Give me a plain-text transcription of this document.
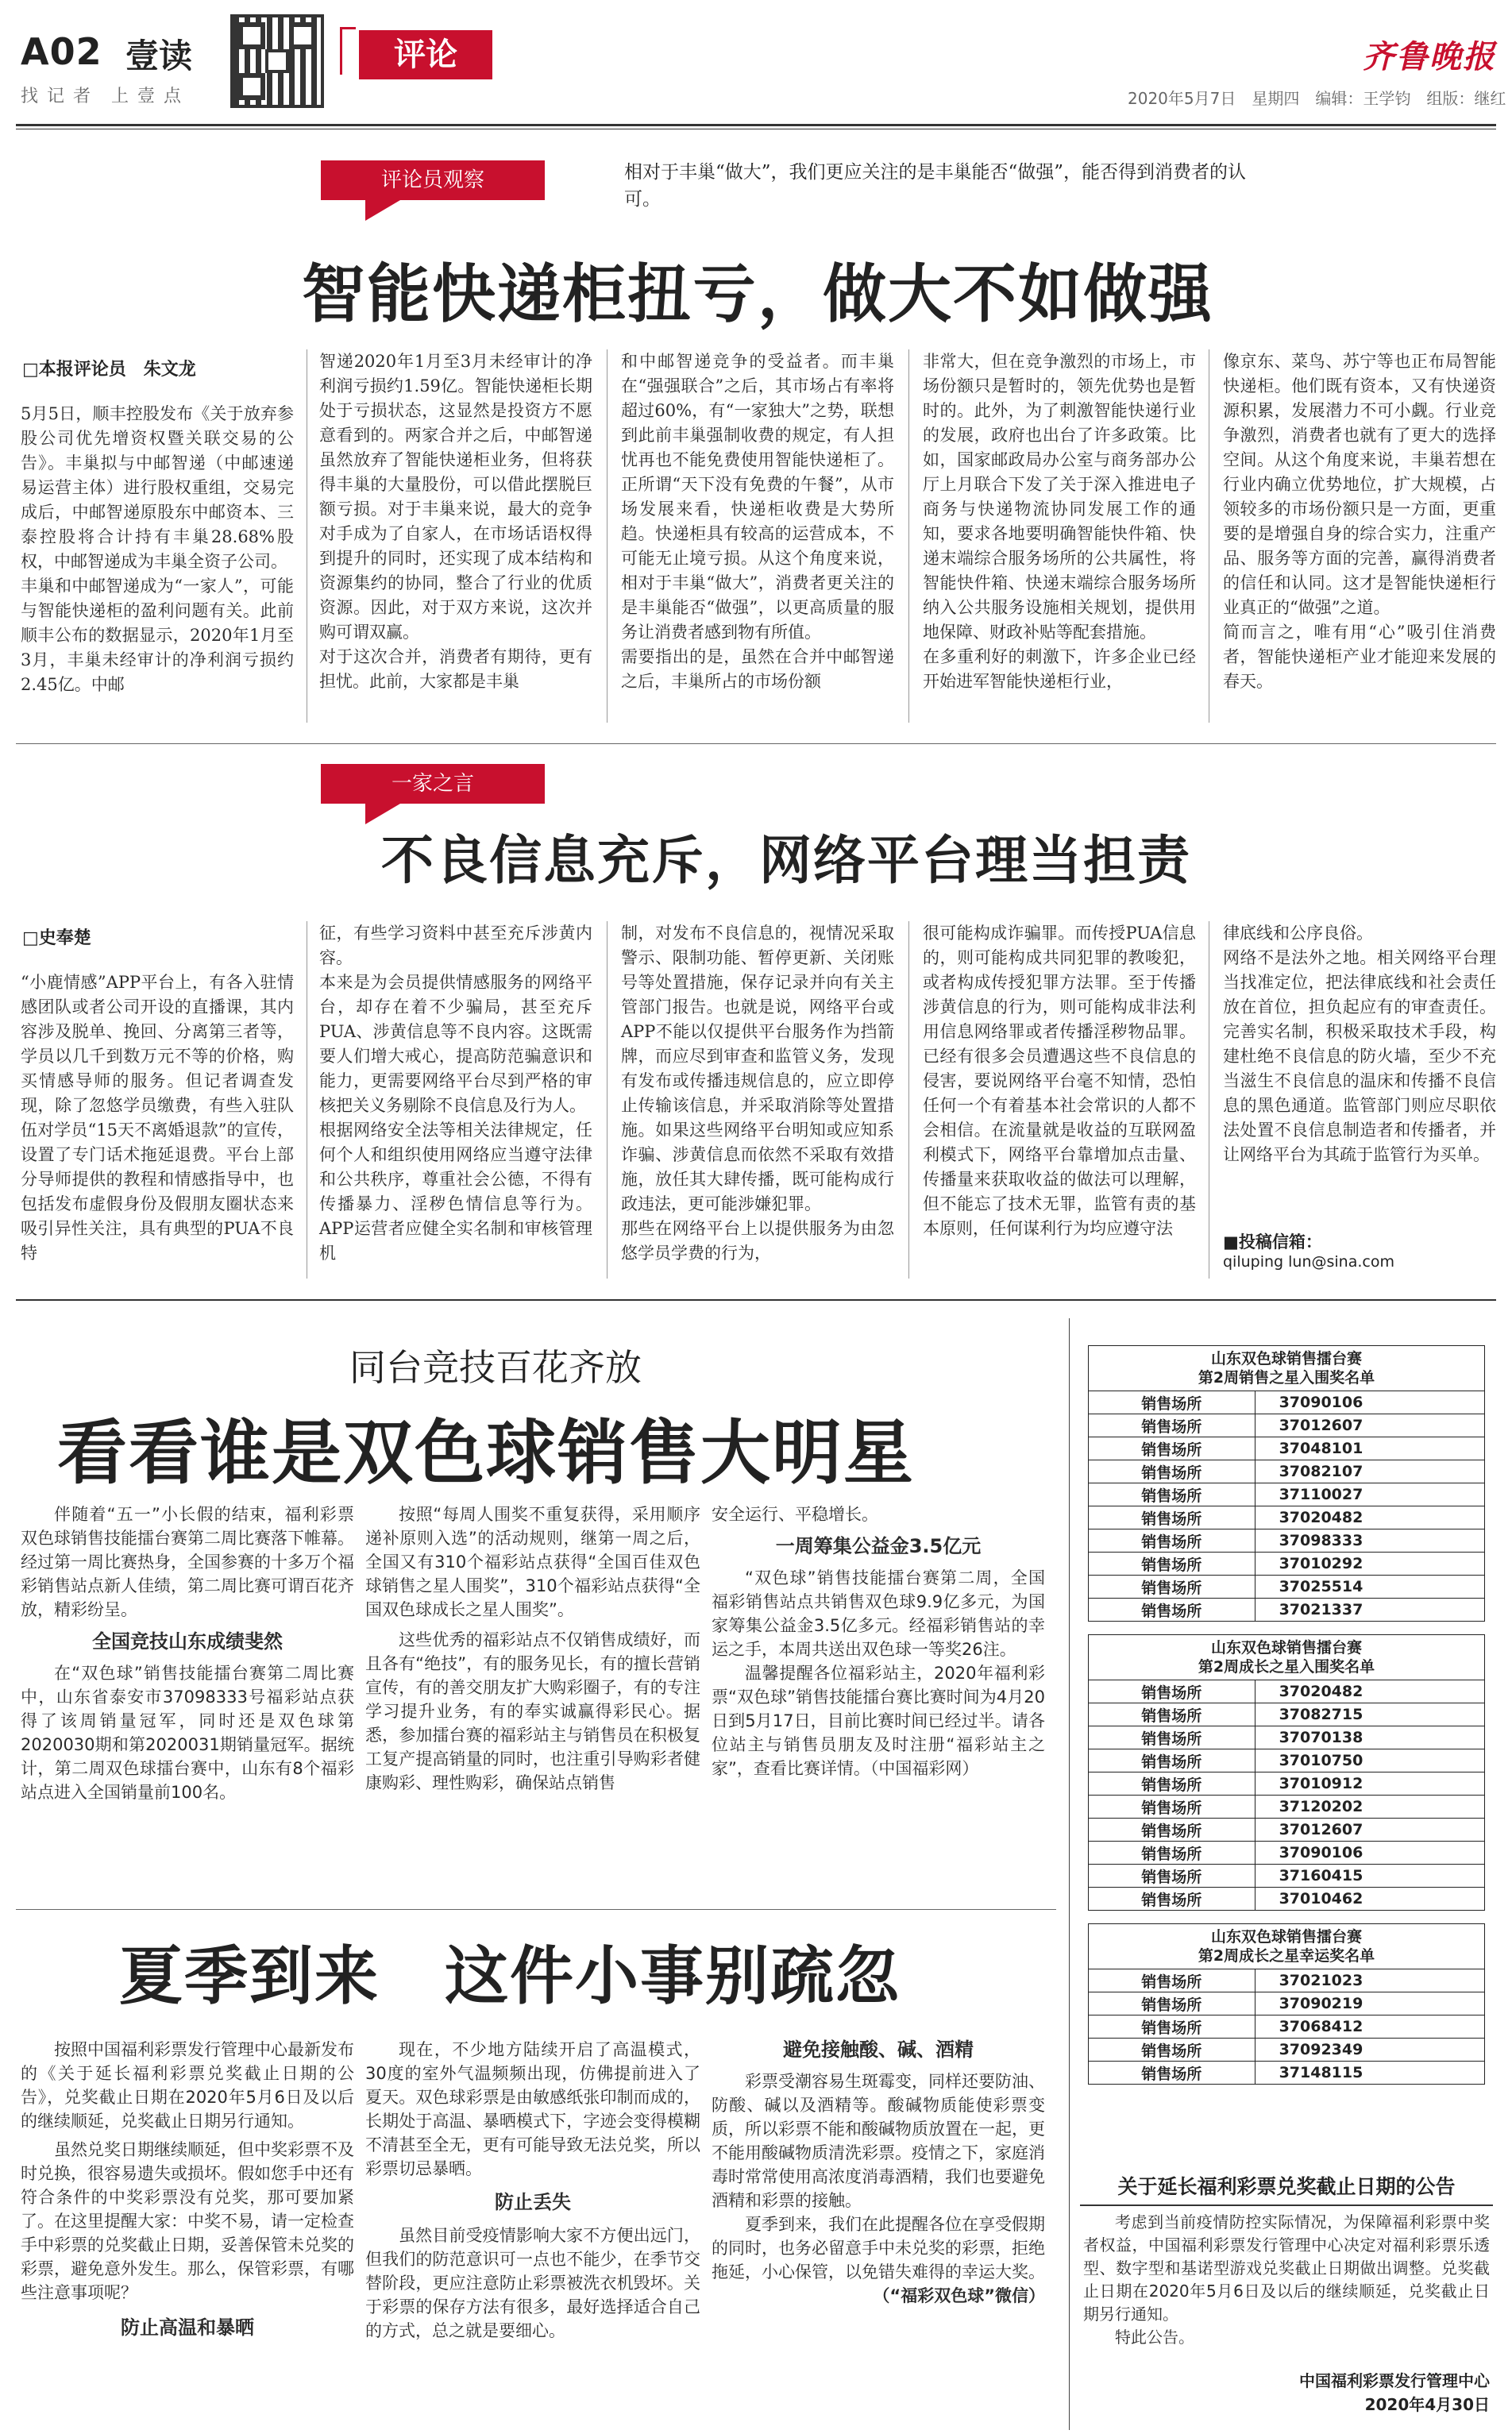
A02 壹读
找 记 者　上 壹 点
评论	齐鲁晚报
2020年5月7日　星期四　编辑：王学钧　组版：继红
评论员观察	相对于丰巢“做大”，我们更应关注的是丰巢能否“做强”，能否得到消费者的认可。
智能快递柜扭亏，做大不如做强
□本报评论员　朱文龙
5月5日，顺丰控股发布《关于放弃参股公司优先增资权暨关联交易的公告》。丰巢拟与中邮智递（中邮速递易运营主体）进行股权重组，交易完成后，中邮智递原股东中邮资本、三泰控股将合计持有丰巢28.68%股权，中邮智递成为丰巢全资子公司。
丰巢和中邮智递成为“一家人”，可能与智能快递柜的盈利问题有关。此前顺丰公布的数据显示，2020年1月至3月，丰巢未经审计的净利润亏损约2.45亿。中邮
智递2020年1月至3月未经审计的净利润亏损约1.59亿。智能快递柜长期处于亏损状态，这显然是投资方不愿意看到的。两家合并之后，中邮智递虽然放弃了智能快递柜业务，但将获得丰巢的大量股份，可以借此摆脱巨额亏损。对于丰巢来说，最大的竞争对手成为了自家人，在市场话语权得到提升的同时，还实现了成本结构和资源集约的协同，整合了行业的优质资源。因此，对于双方来说，这次并购可谓双赢。
对于这次合并，消费者有期待，更有担忧。此前，大家都是丰巢
和中邮智递竞争的受益者。而丰巢在“强强联合”之后，其市场占有率将超过60%，有“一家独大”之势，联想到此前丰巢强制收费的规定，有人担忧再也不能免费使用智能快递柜了。正所谓“天下没有免费的午餐”，从市场发展来看，快递柜收费是大势所趋。快递柜具有较高的运营成本，不可能无止境亏损。从这个角度来说，相对于丰巢“做大”，消费者更关注的是丰巢能否“做强”，以更高质量的服务让消费者感到物有所值。
需要指出的是，虽然在合并中邮智递之后，丰巢所占的市场份额
非常大，但在竞争激烈的市场上，市场份额只是暂时的，领先优势也是暂时的。此外，为了刺激智能快递行业的发展，政府也出台了许多政策。比如，国家邮政局办公室与商务部办公厅上月联合下发了关于深入推进电子商务与快递物流协同发展工作的通知，要求各地要明确智能快件箱、快递末端综合服务场所的公共属性，将智能快件箱、快递末端综合服务场所纳入公共服务设施相关规划，提供用地保障、财政补贴等配套措施。
在多重利好的刺激下，许多企业已经开始进军智能快递柜行业，
像京东、菜鸟、苏宁等也正布局智能快递柜。他们既有资本，又有快递资源积累，发展潜力不可小觑。行业竞争激烈，消费者也就有了更大的选择空间。从这个角度来说，丰巢若想在行业内确立优势地位，扩大规模，占领较多的市场份额只是一方面，更重要的是增强自身的综合实力，注重产品、服务等方面的完善，赢得消费者的信任和认同。这才是智能快递柜行业真正的“做强”之道。
简而言之，唯有用“心”吸引住消费者，智能快递柜产业才能迎来发展的春天。
一家之言
不良信息充斥，网络平台理当担责
□史奉楚
“小鹿情感”APP平台上，有各入驻情感团队或者公司开设的直播课，其内容涉及脱单、挽回、分离第三者等，学员以几千到数万元不等的价格，购买情感导师的服务。但记者调查发现，除了忽悠学员缴费，有些入驻队伍对学员“15天不离婚退款”的宣传，设置了专门话术拖延退费。平台上部分导师提供的教程和情感指导中，也包括发布虚假身份及假朋友圈状态来吸引异性关注，具有典型的PUA不良特
征，有些学习资料中甚至充斥涉黄内容。
本来是为会员提供情感服务的网络平台，却存在着不少骗局，甚至充斥PUA、涉黄信息等不良内容。这既需要人们增大戒心，提高防范骗意识和能力，更需要网络平台尽到严格的审核把关义务剔除不良信息及行为人。
根据网络安全法等相关法律规定，任何个人和组织使用网络应当遵守法律和公共秩序，尊重社会公德，不得有传播暴力、淫秽色情信息等行为。APP运营者应健全实名制和审核管理机
制，对发布不良信息的，视情况采取警示、限制功能、暂停更新、关闭账号等处置措施，保存记录并向有关主管部门报告。也就是说，网络平台或APP不能以仅提供平台服务作为挡箭牌，而应尽到审查和监管义务，发现有发布或传播违规信息的，应立即停止传输该信息，并采取消除等处置措施。如果这些网络平台明知或应知系诈骗、涉黄信息而依然不采取有效措施，放任其大肆传播，既可能构成行政违法，更可能涉嫌犯罪。
那些在网络平台上以提供服务为由忽悠学员学费的行为，
很可能构成诈骗罪。而传授PUA信息的，则可能构成共同犯罪的教唆犯，或者构成传授犯罪方法罪。至于传播涉黄信息的行为，则可能构成非法利用信息网络罪或者传播淫秽物品罪。已经有很多会员遭遇这些不良信息的侵害，要说网络平台毫不知情，恐怕任何一个有着基本社会常识的人都不会相信。在流量就是收益的互联网盈利模式下，网络平台靠增加点击量、传播量来获取收益的做法可以理解，但不能忘了技术无罪，监管有责的基本原则，任何谋利行为均应遵守法
律底线和公序良俗。
网络不是法外之地。相关网络平台理当找准定位，把法律底线和社会责任放在首位，担负起应有的审查责任。完善实名制，积极采取技术手段，构建杜绝不良信息的防火墙，至少不充当滋生不良信息的温床和传播不良信息的黑色通道。监管部门则应尽职依法处置不良信息制造者和传播者，并让网络平台为其疏于监管行为买单。
■投稿信箱：
qiluping lun@sina.com
同台竞技百花齐放
看看谁是双色球销售大明星

伴随着“五一”小长假的结束，福利彩票双色球销售技能擂台赛第二周比赛落下帷幕。经过第一周比赛热身，全国参赛的十多万个福彩销售站点新人佳绩，第二周比赛可谓百花齐放，精彩纷呈。

全国竞技山东成绩斐然

在“双色球”销售技能擂台赛第二周比赛中，山东省泰安市37098333号福彩站点获得了该周销量冠军，同时还是双色球第2020030期和第2020031期销量冠军。据统计，第二周双色球擂台赛中，山东有8个福彩站点进入全国销量前100名。

按照“每周人围奖不重复获得，采用顺序递补原则入选”的活动规则，继第一周之后，全国又有310个福彩站点获得“全国百佳双色球销售之星人围奖”，310个福彩站点获得“全国双色球成长之星人围奖”。

这些优秀的福彩站点不仅销售成绩好，而且各有“绝技”，有的服务见长，有的擅长营销宣传，有的善交朋友扩大购彩圈子，有的专注学习提升业务，有的奉实诚赢得彩民心。据悉，参加擂台赛的福彩站主与销售员在积极复工复产提高销量的同时，也注重引导购彩者健康购彩、理性购彩，确保站点销售

安全运行、平稳增长。
一周筹集公益金3.5亿元

“双色球”销售技能擂台赛第二周，全国福彩销售站点共销售双色球9.9亿多元，为国家筹集公益金3.5亿多元。经福彩销售站的幸运之手，本周共送出双色球一等奖26注。

温馨提醒各位福彩站主，2020年福利彩票“双色球”销售技能擂台赛比赛时间为4月20日到5月17日，目前比赛时间已经过半。请各位站主与销售员朋友及时注册“福彩站主之家”，查看比赛详情。（中国福彩网）

山东双色球销售擂台赛
第2周销售之星入围奖名单
销售场所	37090106
销售场所	37012607
销售场所	37048101
销售场所	37082107
销售场所	37110027
销售场所	37020482
销售场所	37098333
销售场所	37010292
销售场所	37025514
销售场所	37021337
山东双色球销售擂台赛
第2周成长之星入围奖名单
销售场所	37020482
销售场所	37082715
销售场所	37070138
销售场所	37010750
销售场所	37010912
销售场所	37120202
销售场所	37012607
销售场所	37090106
销售场所	37160415
销售场所	37010462
山东双色球销售擂台赛
第2周成长之星幸运奖名单
销售场所	37021023
销售场所	37090219
销售场所	37068412
销售场所	37092349
销售场所	37148115
夏季到来　这件小事别疏忽

按照中国福利彩票发行管理中心最新发布的《关于延长福利彩票兑奖截止日期的公告》，兑奖截止日期在2020年5月6日及以后的继续顺延，兑奖截止日期另行通知。

虽然兑奖日期继续顺延，但中奖彩票不及时兑换，很容易遗失或损坏。假如您手中还有符合条件的中奖彩票没有兑奖，那可要加紧了。在这里提醒大家：中奖不易，请一定检查手中彩票的兑奖截止日期，妥善保管未兑奖的彩票，避免意外发生。那么，保管彩票，有哪些注意事项呢？

防止高温和暴晒

现在，不少地方陆续开启了高温模式，30度的室外气温频频出现，仿佛提前进入了夏天。双色球彩票是由敏感纸张印制而成的，长期处于高温、暴晒模式下，字迹会变得模糊不清甚至全无，更有可能导致无法兑奖，所以彩票切忌暴晒。

防止丢失

虽然目前受疫情影响大家不方便出远门，但我们的防范意识可一点也不能少，在季节交替阶段，更应注意防止彩票被洗衣机毁坏。关于彩票的保存方法有很多，最好选择适合自己的方式，总之就是要细心。

避免接触酸、碱、酒精

彩票受潮容易生斑霉变，同样还要防油、防酸、碱以及酒精等。酸碱物质能使彩票变质，所以彩票不能和酸碱物质放置在一起，更不能用酸碱物质清洗彩票。疫情之下，家庭消毒时常常使用高浓度消毒酒精，我们也要避免酒精和彩票的接触。

夏季到来，我们在此提醒各位在享受假期的同时，也务必留意手中未兑奖的彩票，拒绝拖延，小心保管，以免错失难得的幸运大奖。

（“福彩双色球”微信）
关于延长福利彩票兑奖截止日期的公告

考虑到当前疫情防控实际情况，为保障福利彩票中奖者权益，中国福利彩票发行管理中心决定对福利彩票乐透型、数字型和基诺型游戏兑奖截止日期做出调整。兑奖截止日期在2020年5月6日及以后的继续顺延，兑奖截止日期另行通知。

特此公告。

中国福利彩票发行管理中心
2020年4月30日
